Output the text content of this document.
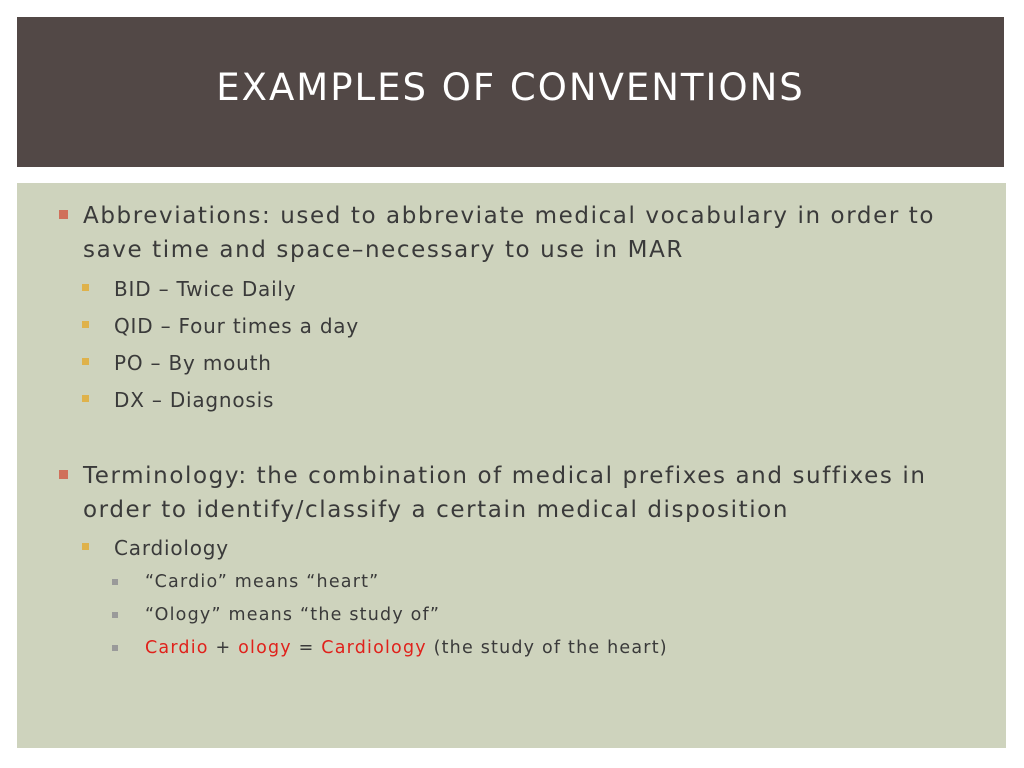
EXAMPLES OF CONVENTIONS
Abbreviations: used to abbreviate medical vocabulary in order to save time and space–necessary to use in MAR
BID – Twice Daily
QID – Four times a day
PO – By mouth
DX – Diagnosis
Terminology: the combination of medical prefixes and suffixes in order to identify/classify a certain medical disposition
Cardiology
“Cardio” means “heart”
“Ology” means “the study of”
Cardio + ology = Cardiology (the study of the heart)
